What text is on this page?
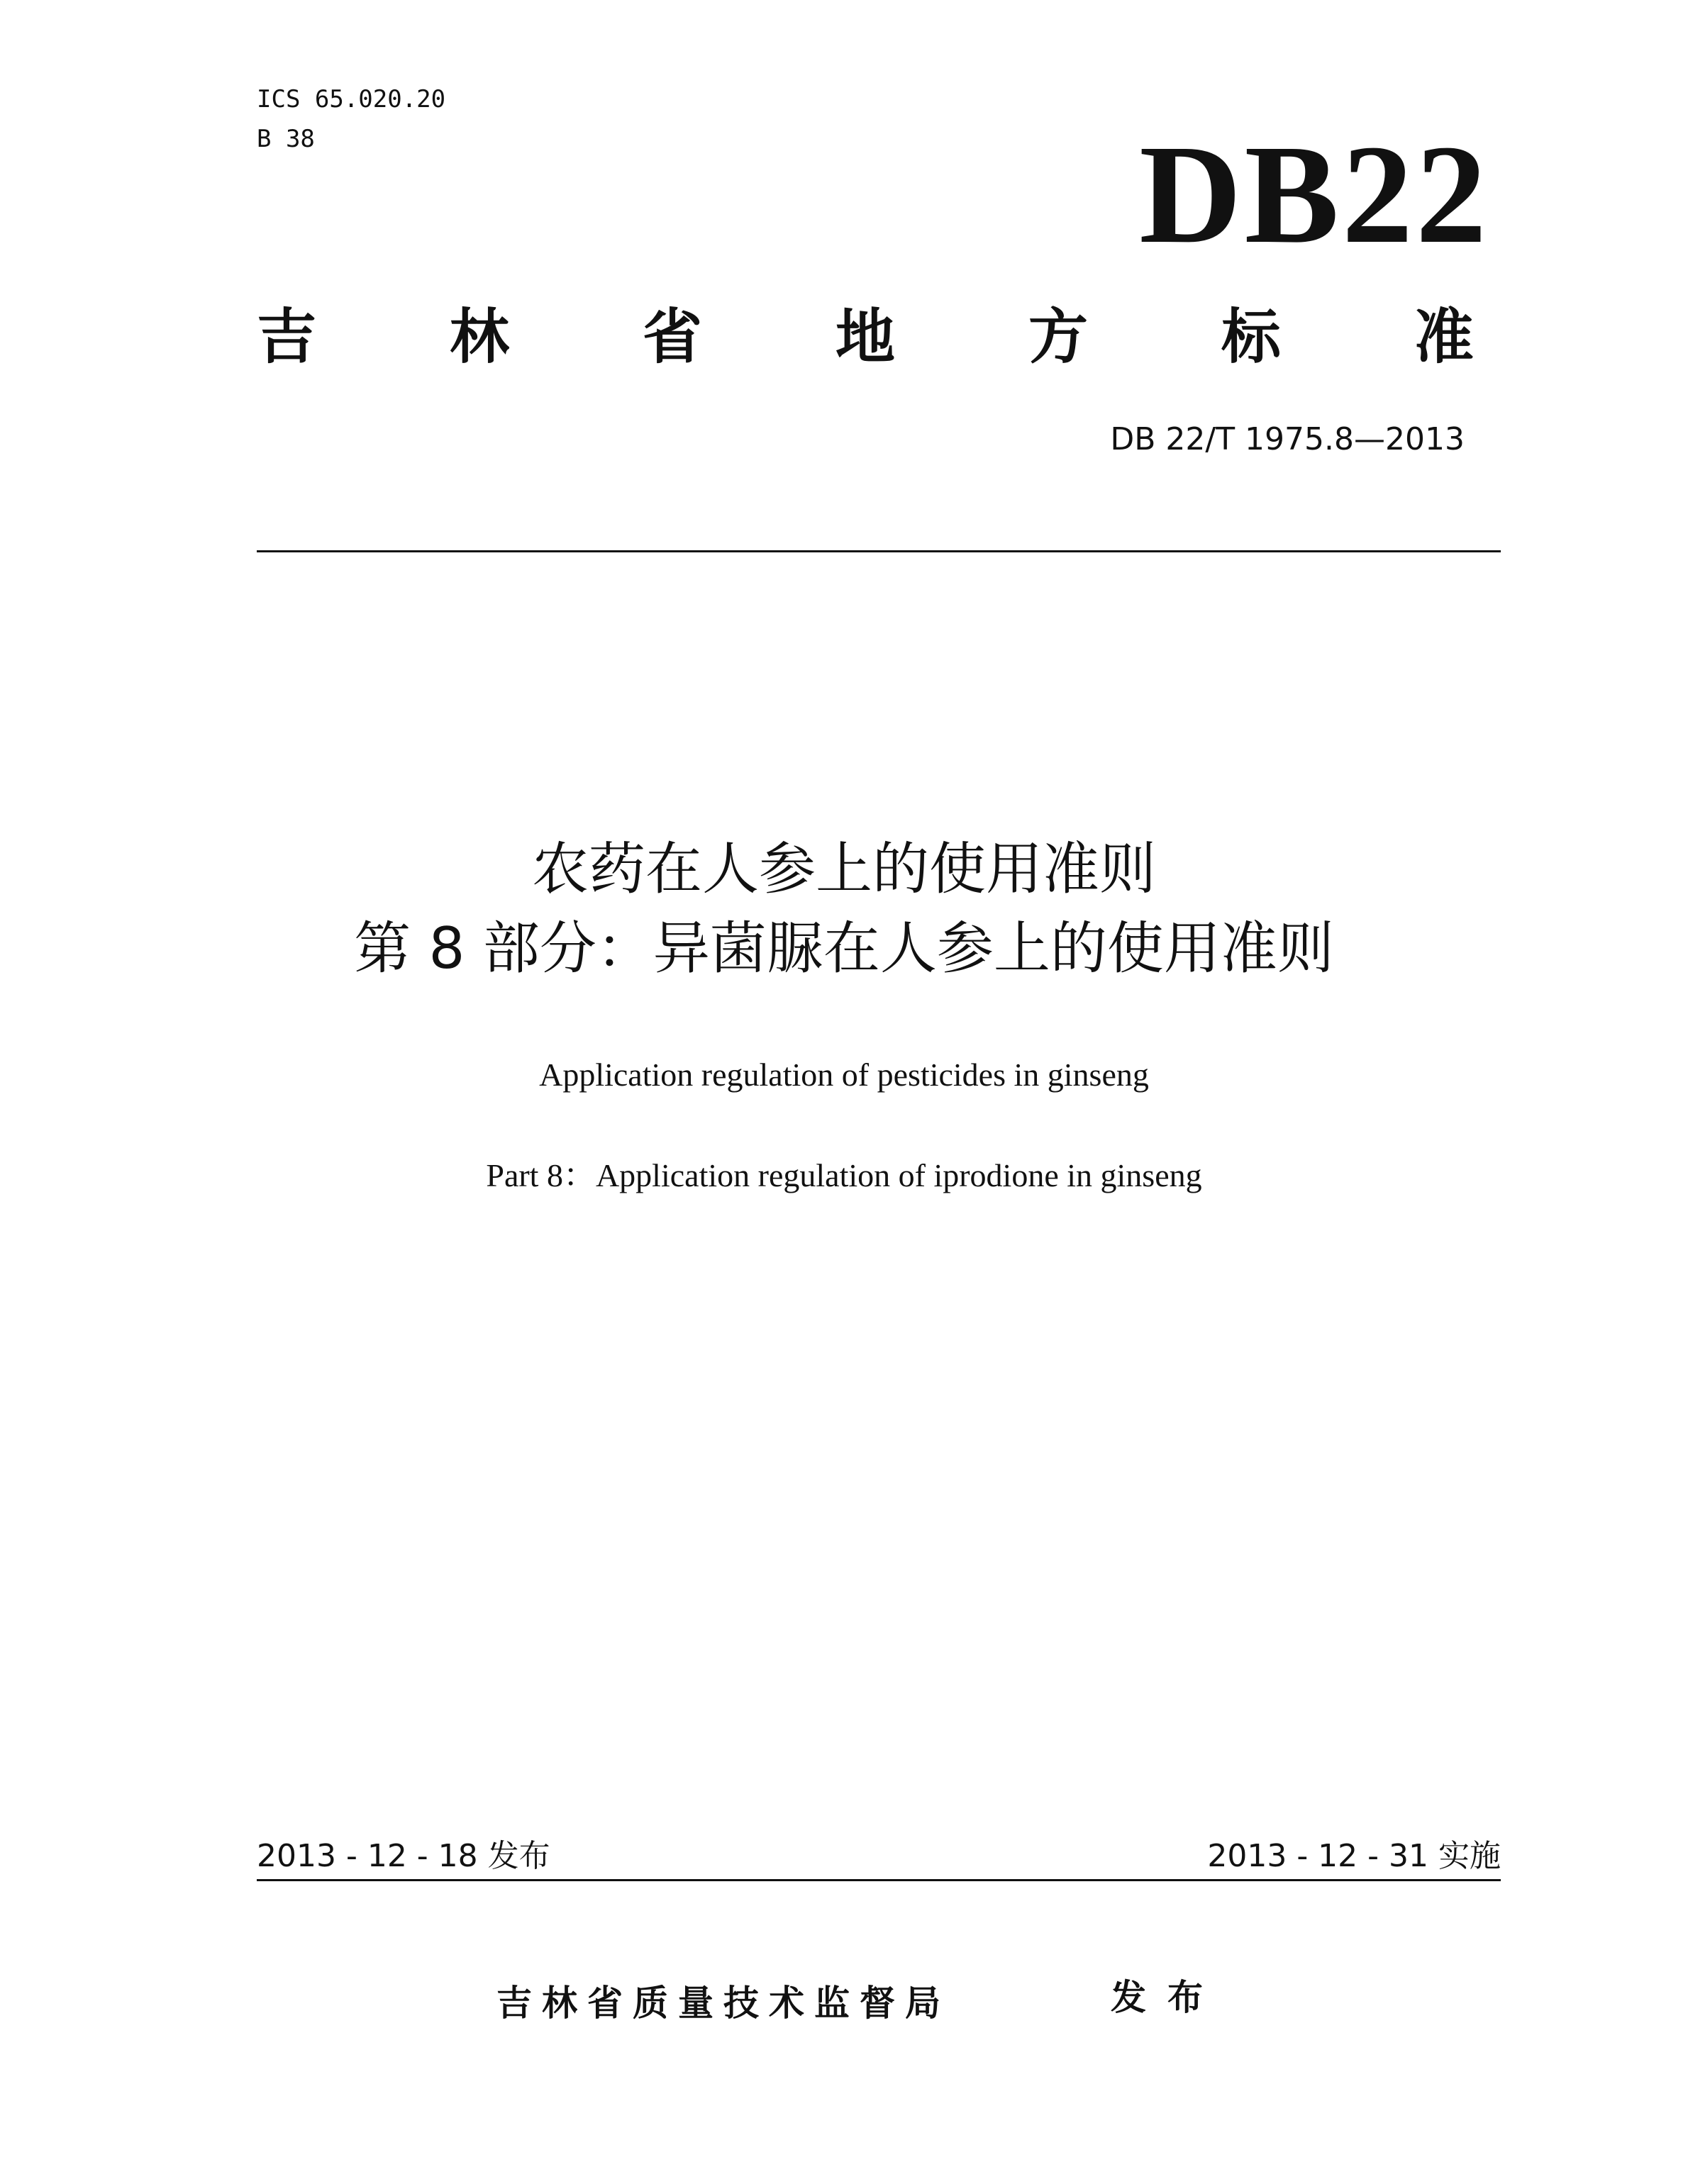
ICS 65.020.20
B 38	DB22
吉 林 省 地 方 标 准
DB 22/T 1975.8—2013
农药在人参上的使用准则
第 8 部分：异菌脲在人参上的使用准则
Application regulation of pesticides in ginseng
Part 8：Application regulation of iprodione in ginseng
2013 - 12 - 18 发布	2013 - 12 - 31 实施
吉林省质量技术监督局	发布
